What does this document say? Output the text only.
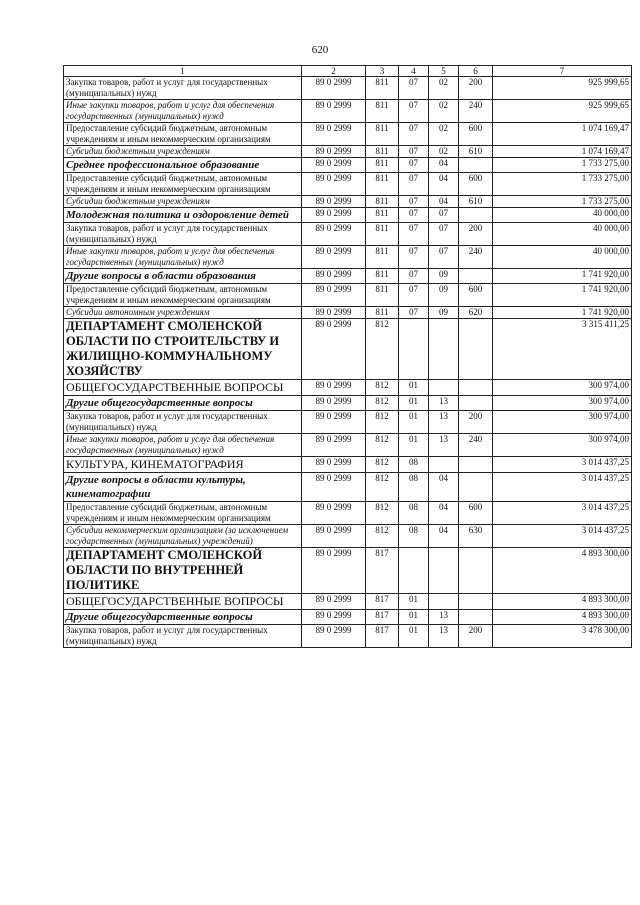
620
1	2	3	4	5	6	7
Закупка товаров, работ и услуг для государственных (муниципальных) нужд	89 0 2999	811	07	02	200	925 999,65
Иные закупки товаров, работ и услуг для обеспечения государственных (муниципальных) нужд	89 0 2999	811	07	02	240	925 999,65
Предоставление субсидий бюджетным, автономным учреждениям и иным некоммерческим организациям	89 0 2999	811	07	02	600	1 074 169,47
Субсидии бюджетным учреждениям	89 0 2999	811	07	02	610	1 074 169,47
Среднее профессиональное образование	89 0 2999	811	07	04		1 733 275,00
Предоставление субсидий бюджетным, автономным учреждениям и иным некоммерческим организациям	89 0 2999	811	07	04	600	1 733 275,00
Субсидии бюджетным учреждениям	89 0 2999	811	07	04	610	1 733 275,00
Молодежная политика и оздоровление детей	89 0 2999	811	07	07		40 000,00
Закупка товаров, работ и услуг для государственных (муниципальных) нужд	89 0 2999	811	07	07	200	40 000,00
Иные закупки товаров, работ и услуг для обеспечения государственных (муниципальных) нужд	89 0 2999	811	07	07	240	40 000,00
Другие вопросы в области образования	89 0 2999	811	07	09		1 741 920,00
Предоставление субсидий бюджетным, автономным учреждениям и иным некоммерческим организациям	89 0 2999	811	07	09	600	1 741 920,00
Субсидии автономным учреждениям	89 0 2999	811	07	09	620	1 741 920,00
ДЕПАРТАМЕНТ СМОЛЕНСКОЙ ОБЛАСТИ ПО СТРОИТЕЛЬСТВУ И ЖИЛИЩНО-КОММУНАЛЬНОМУ ХОЗЯЙСТВУ	89 0 2999	812				3 315 411,25
ОБЩЕГОСУДАРСТВЕННЫЕ ВОПРОСЫ	89 0 2999	812	01			300 974,00
Другие общегосударственные вопросы	89 0 2999	812	01	13		300 974,00
Закупка товаров, работ и услуг для государственных (муниципальных) нужд	89 0 2999	812	01	13	200	300 974,00
Иные закупки товаров, работ и услуг для обеспечения государственных (муниципальных) нужд	89 0 2999	812	01	13	240	300 974,00
КУЛЬТУРА, КИНЕМАТОГРАФИЯ	89 0 2999	812	08			3 014 437,25
Другие вопросы в области культуры, кинематографии	89 0 2999	812	08	04		3 014 437,25
Предоставление субсидий бюджетным, автономным учреждениям и иным некоммерческим организациям	89 0 2999	812	08	04	600	3 014 437,25
Субсидии некоммерческим организациям (за исключением государственных (муниципальных) учреждений)	89 0 2999	812	08	04	630	3 014 437,25
ДЕПАРТАМЕНТ СМОЛЕНСКОЙ ОБЛАСТИ ПО ВНУТРЕННЕЙ ПОЛИТИКЕ	89 0 2999	817				4 893 300,00
ОБЩЕГОСУДАРСТВЕННЫЕ ВОПРОСЫ	89 0 2999	817	01			4 893 300,00
Другие общегосударственные вопросы	89 0 2999	817	01	13		4 893 300,00
Закупка товаров, работ и услуг для государственных (муниципальных) нужд	89 0 2999	817	01	13	200	3 478 300,00
